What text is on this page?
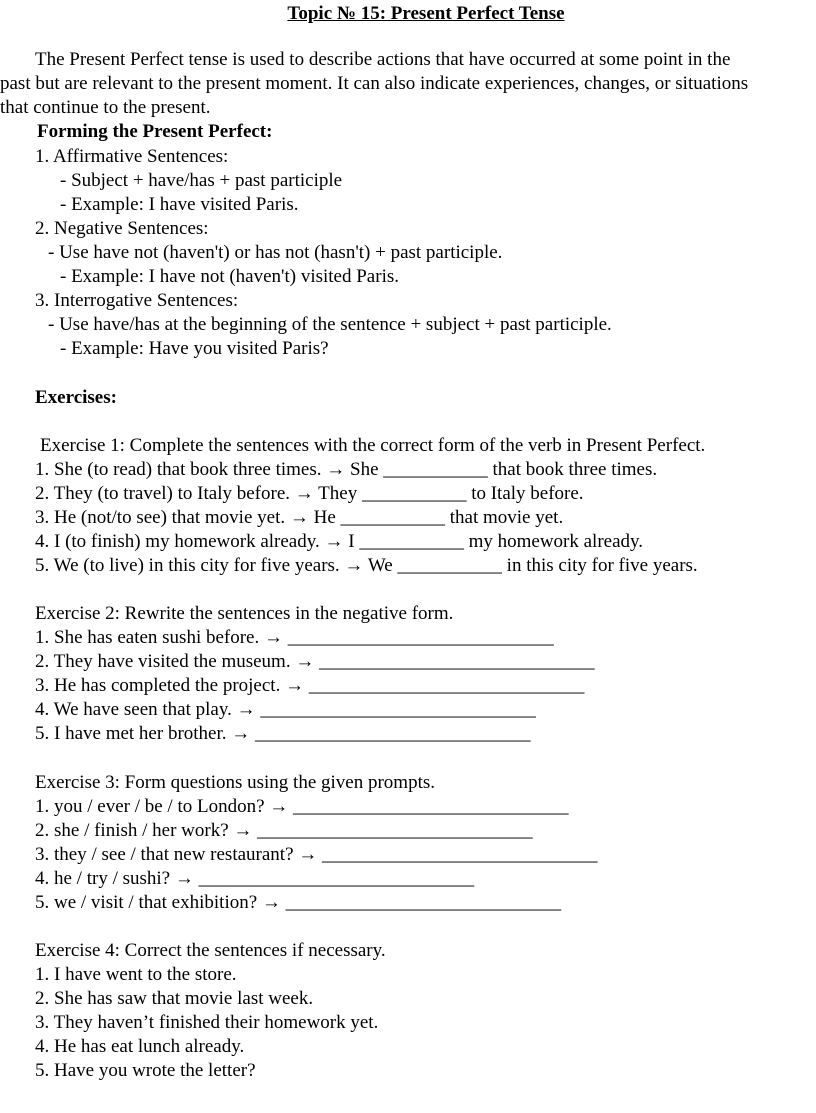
Topic № 15: Present Perfect Tense
The Present Perfect tense is used to describe actions that have occurred at some point in the
past but are relevant to the present moment. It can also indicate experiences, changes, or situations
that continue to the present.
Forming the Present Perfect:
1. Affirmative Sentences:
- Subject + have/has + past participle
- Example: I have visited Paris.
2. Negative Sentences:
- Use have not (haven't) or has not (hasn't) + past participle.
- Example: I have not (haven't) visited Paris.
3. Interrogative Sentences:
- Use have/has at the beginning of the sentence + subject + past participle.
- Example: Have you visited Paris?
Exercises:
Exercise 1: Complete the sentences with the correct form of the verb in Present Perfect.
1. She (to read) that book three times. → She ___________ that book three times.
2. They (to travel) to Italy before. → They ___________ to Italy before.
3. He (not/to see) that movie yet. → He ___________ that movie yet.
4. I (to finish) my homework already. → I ___________ my homework already.
5. We (to live) in this city for five years. → We ___________ in this city for five years.
Exercise 2: Rewrite the sentences in the negative form.
1. She has eaten sushi before. → ____________________________
2. They have visited the museum. → _____________________________
3. He has completed the project. → _____________________________
4. We have seen that play. → _____________________________
5. I have met her brother. → _____________________________
Exercise 3: Form questions using the given prompts.
1. you / ever / be / to London? → _____________________________
2. she / finish / her work? → _____________________________
3. they / see / that new restaurant? → _____________________________
4. he / try / sushi? → _____________________________
5. we / visit / that exhibition? → _____________________________
Exercise 4: Correct the sentences if necessary.
1. I have went to the store.
2. She has saw that movie last week.
3. They haven’t finished their homework yet.
4. He has eat lunch already.
5. Have you wrote the letter?
